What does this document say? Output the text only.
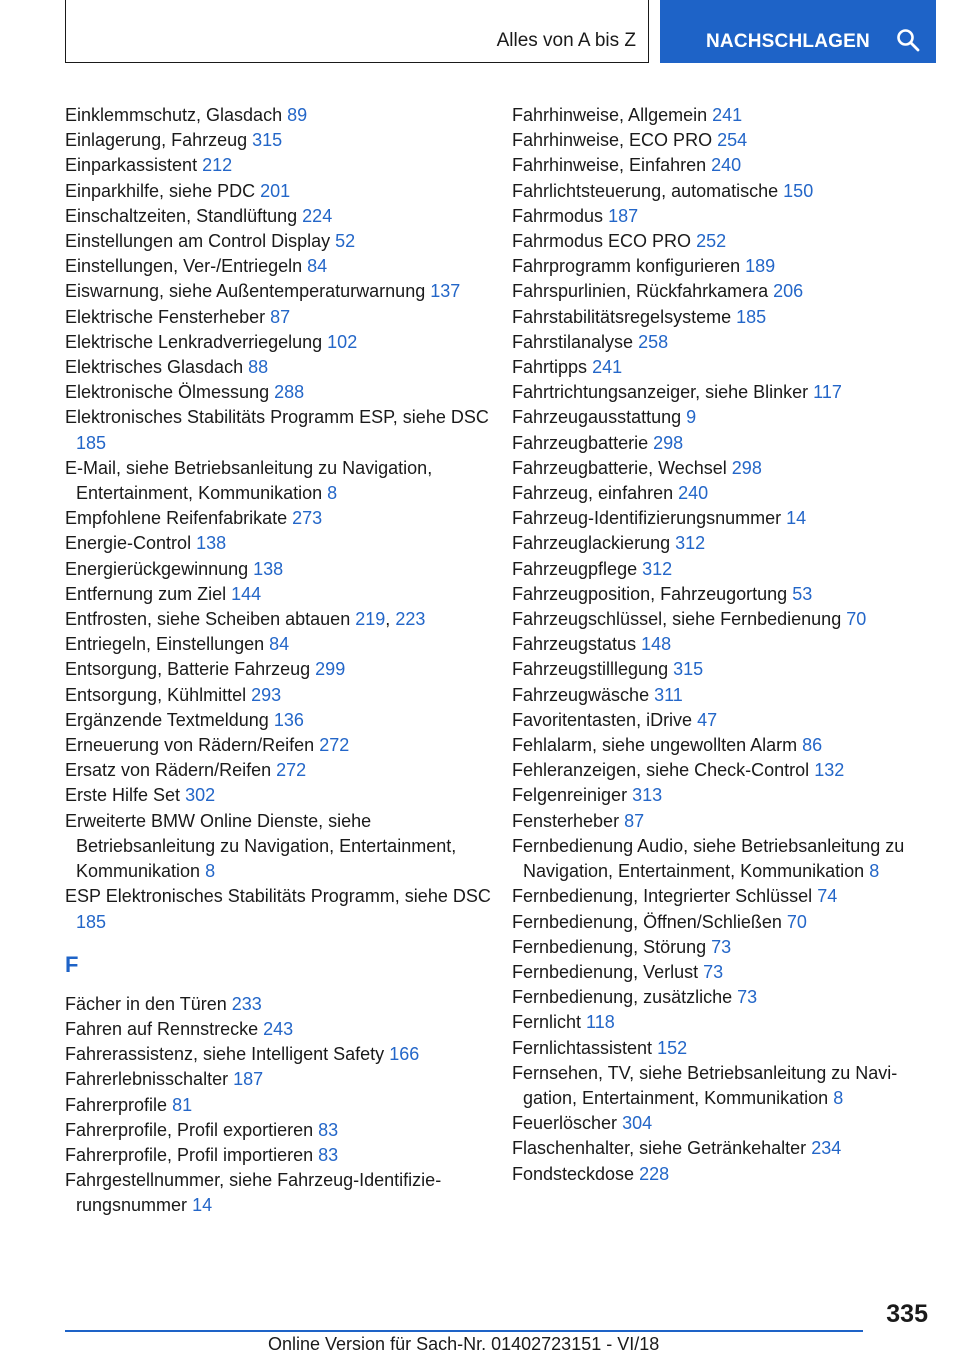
Alles von A bis Z	NACHSCHLAGEN
Einklemmschutz, Glasdach 89
Einlagerung, Fahrzeug 315
Einparkassistent 212
Einparkhilfe, siehe PDC 201
Einschaltzeiten, Standlüftung 224
Einstellungen am Control Display 52
Einstellungen, Ver-/Entriegeln 84
Eiswarnung, siehe Außentemperaturwarnung 137
Elektrische Fensterheber 87
Elektrische Lenkradverriegelung 102
Elektrisches Glasdach 88
Elektronische Ölmessung 288
Elektronisches Stabilitäts Programm ESP, siehe DSC 185
E-Mail, siehe Betriebsanleitung zu Navigation, Entertainment, Kommunikation 8
Empfohlene Reifenfabrikate 273
Energie-Control 138
Energierückgewinnung 138
Entfernung zum Ziel 144
Entfrosten, siehe Scheiben abtauen 219, 223
Entriegeln, Einstellungen 84
Entsorgung, Batterie Fahrzeug 299
Entsorgung, Kühlmittel 293
Ergänzende Textmeldung 136
Erneuerung von Rädern/Reifen 272
Ersatz von Rädern/Reifen 272
Erste Hilfe Set 302
Erweiterte BMW Online Dienste, siehe Betriebsanleitung zu Navigation, Entertainment, Kommunikation 8
ESP Elektronisches Stabilitäts Programm, siehe DSC 185
F
Fächer in den Türen 233
Fahren auf Rennstrecke 243
Fahrerassistenz, siehe Intelligent Safety 166
Fahrerlebnisschalter 187
Fahrerprofile 81
Fahrerprofile, Profil exportieren 83
Fahrerprofile, Profil importieren 83
Fahrgestellnummer, siehe Fahrzeug-Identifizierungsnummer 14
Fahrhinweise, Allgemein 241
Fahrhinweise, ECO PRO 254
Fahrhinweise, Einfahren 240
Fahrlichtsteuerung, automatische 150
Fahrmodus 187
Fahrmodus ECO PRO 252
Fahrprogramm konfigurieren 189
Fahrspurlinien, Rückfahrkamera 206
Fahrstabilitätsregelsysteme 185
Fahrstilanalyse 258
Fahrtipps 241
Fahrtrichtungsanzeiger, siehe Blinker 117
Fahrzeugausstattung 9
Fahrzeugbatterie 298
Fahrzeugbatterie, Wechsel 298
Fahrzeug, einfahren 240
Fahrzeug-Identifizierungsnummer 14
Fahrzeuglackierung 312
Fahrzeugpflege 312
Fahrzeugposition, Fahrzeugortung 53
Fahrzeugschlüssel, siehe Fernbedienung 70
Fahrzeugstatus 148
Fahrzeugstilllegung 315
Fahrzeugwäsche 311
Favoritentasten, iDrive 47
Fehlalarm, siehe ungewollten Alarm 86
Fehleranzeigen, siehe Check-Control 132
Felgenreiniger 313
Fensterheber 87
Fernbedienung Audio, siehe Betriebsanleitung zu Navigation, Entertainment, Kommunikation 8
Fernbedienung, Integrierter Schlüssel 74
Fernbedienung, Öffnen/Schließen 70
Fernbedienung, Störung 73
Fernbedienung, Verlust 73
Fernbedienung, zusätzliche 73
Fernlicht 118
Fernlichtassistent 152
Fernsehen, TV, siehe Betriebsanleitung zu Navigation, Entertainment, Kommunikation 8
Feuerlöscher 304
Flaschenhalter, siehe Getränkehalter 234
Fondsteckdose 228
335
Online Version für Sach-Nr. 01402723151 - VI/18
